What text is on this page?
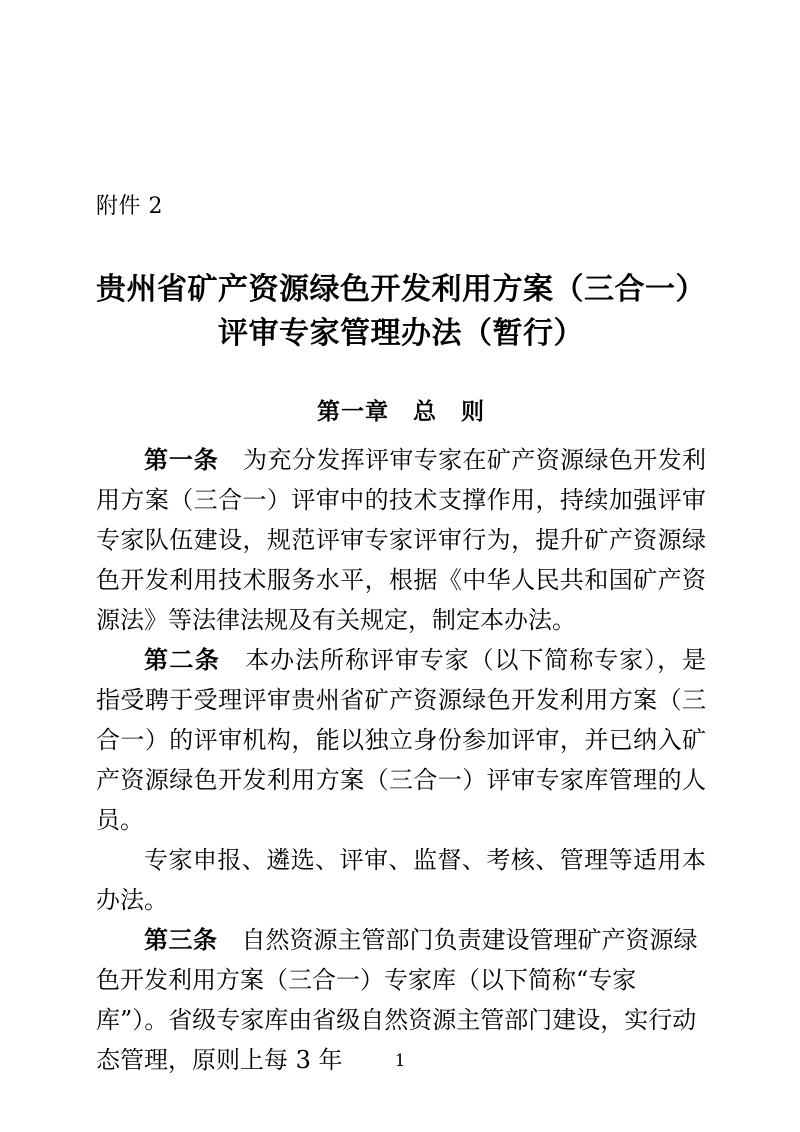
附件 2
贵州省矿产资源绿色开发利用方案（三合一）
评审专家管理办法（暂行）
第一章　总　则

第一条 为充分发挥评审专家在矿产资源绿色开发利用方案（三合一）评审中的技术支撑作用，持续加强评审专家队伍建设，规范评审专家评审行为，提升矿产资源绿色开发利用技术服务水平，根据《中华人民共和国矿产资源法》等法律法规及有关规定，制定本办法。

第二条 本办法所称评审专家（以下简称专家），是指受聘于受理评审贵州省矿产资源绿色开发利用方案（三合一）的评审机构，能以独立身份参加评审，并已纳入矿产资源绿色开发利用方案（三合一）评审专家库管理的人员。

专家申报、遴选、评审、监督、考核、管理等适用本办法。

第三条 自然资源主管部门负责建设管理矿产资源绿色开发利用方案（三合一）专家库（以下简称“专家库”）。省级专家库由省级自然资源主管部门建设，实行动态管理，原则上每 3 年	1
